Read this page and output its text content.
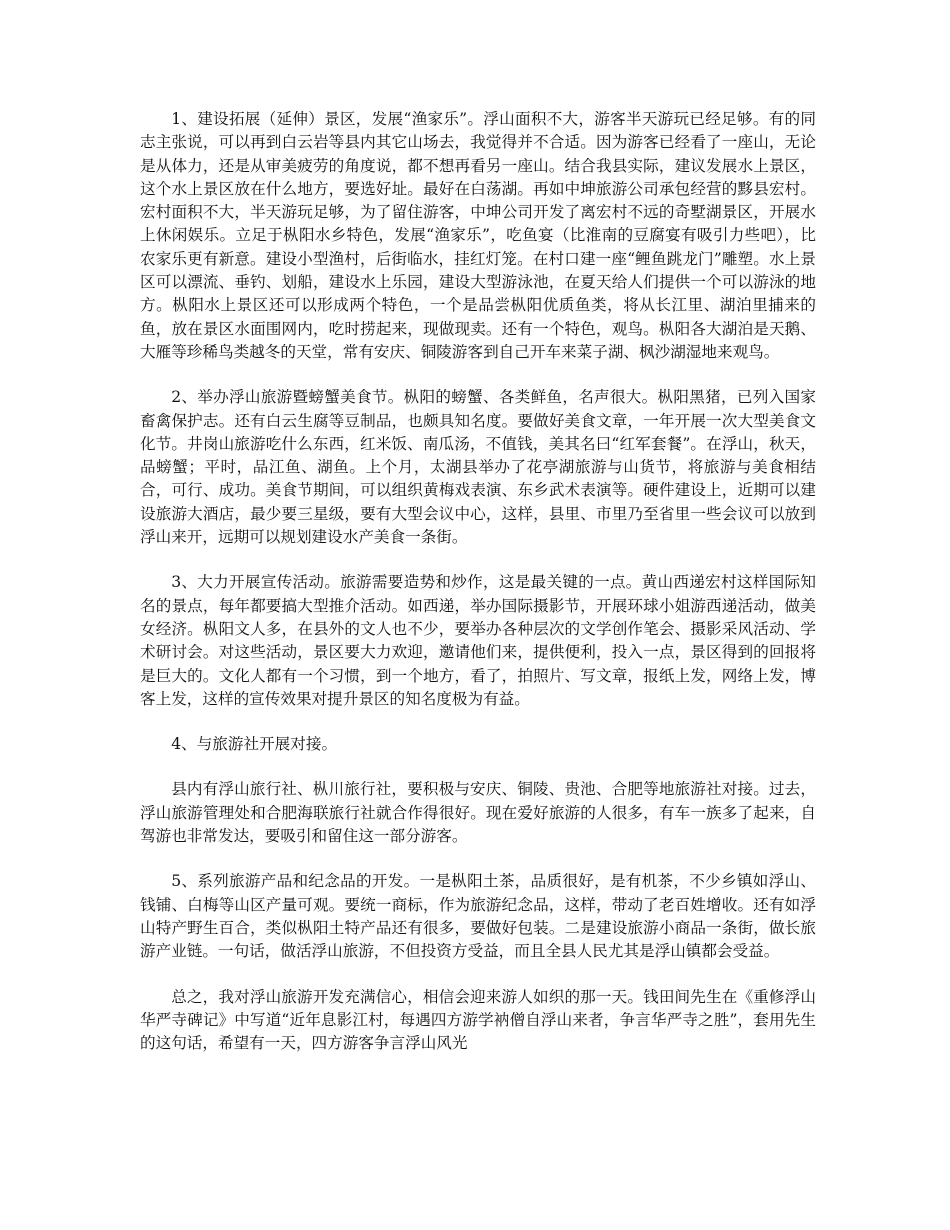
1、建设拓展（延伸）景区，发展“渔家乐”。浮山面积不大，游客半天游玩已经足够。有的同志主张说，可以再到白云岩等县内其它山场去，我觉得并不合适。因为游客已经看了一座山，无论是从体力，还是从审美疲劳的角度说，都不想再看另一座山。结合我县实际，建议发展水上景区，这个水上景区放在什么地方，要选好址。最好在白荡湖。再如中坤旅游公司承包经营的黟县宏村。宏村面积不大，半天游玩足够，为了留住游客，中坤公司开发了离宏村不远的奇墅湖景区，开展水上休闲娱乐。立足于枞阳水乡特色，发展“渔家乐”，吃鱼宴（比淮南的豆腐宴有吸引力些吧），比农家乐更有新意。建设小型渔村，后街临水，挂红灯笼。在村口建一座“鲤鱼跳龙门”雕塑。水上景区可以漂流、垂钓、划船，建设水上乐园，建设大型游泳池，在夏天给人们提供一个可以游泳的地方。枞阳水上景区还可以形成两个特色，一个是品尝枞阳优质鱼类，将从长江里、湖泊里捕来的鱼，放在景区水面围网内，吃时捞起来，现做现卖。还有一个特色，观鸟。枞阳各大湖泊是天鹅、大雁等珍稀鸟类越冬的天堂，常有安庆、铜陵游客到自己开车来菜子湖、枫沙湖湿地来观鸟。

2、举办浮山旅游暨螃蟹美食节。枞阳的螃蟹、各类鲜鱼，名声很大。枞阳黑猪，已列入国家畜禽保护志。还有白云生腐等豆制品，也颇具知名度。要做好美食文章，一年开展一次大型美食文化节。井岗山旅游吃什么东西，红米饭、南瓜汤，不值钱，美其名曰“红军套餐”。在浮山，秋天，品螃蟹；平时，品江鱼、湖鱼。上个月，太湖县举办了花亭湖旅游与山货节，将旅游与美食相结合，可行、成功。美食节期间，可以组织黄梅戏表演、东乡武术表演等。硬件建设上，近期可以建设旅游大酒店，最少要三星级，要有大型会议中心，这样，县里、市里乃至省里一些会议可以放到浮山来开，远期可以规划建设水产美食一条街。

3、大力开展宣传活动。旅游需要造势和炒作，这是最关键的一点。黄山西递宏村这样国际知名的景点，每年都要搞大型推介活动。如西递，举办国际摄影节，开展环球小姐游西递活动，做美女经济。枞阳文人多，在县外的文人也不少，要举办各种层次的文学创作笔会、摄影采风活动、学术研讨会。对这些活动，景区要大力欢迎，邀请他们来，提供便利，投入一点，景区得到的回报将是巨大的。文化人都有一个习惯，到一个地方，看了，拍照片、写文章，报纸上发，网络上发，博客上发，这样的宣传效果对提升景区的知名度极为有益。

4、与旅游社开展对接。

县内有浮山旅行社、枞川旅行社，要积极与安庆、铜陵、贵池、合肥等地旅游社对接。过去，浮山旅游管理处和合肥海联旅行社就合作得很好。现在爱好旅游的人很多，有车一族多了起来，自驾游也非常发达，要吸引和留住这一部分游客。

5、系列旅游产品和纪念品的开发。一是枞阳土茶，品质很好，是有机茶，不少乡镇如浮山、钱铺、白梅等山区产量可观。要统一商标，作为旅游纪念品，这样，带动了老百姓增收。还有如浮山特产野生百合，类似枞阳土特产品还有很多，要做好包装。二是建设旅游小商品一条街，做长旅游产业链。一句话，做活浮山旅游，不但投资方受益，而且全县人民尤其是浮山镇都会受益。

总之，我对浮山旅游开发充满信心，相信会迎来游人如织的那一天。钱田间先生在《重修浮山华严寺碑记》中写道“近年息影江村，每遇四方游学衲僧自浮山来者，争言华严寺之胜”，套用先生的这句话，希望有一天，四方游客争言浮山风光
